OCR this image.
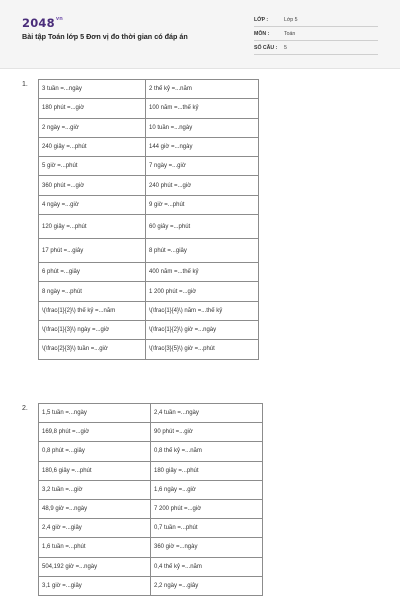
$2048^{vn}$
Bài tập Toán lớp 5 Đơn vị đo thời gian có đáp án
LỚP :	Lớp 5
MÔN :	Toán
SỐ CÂU : 5
1.
3 tuần =...ngày	2 thế kỷ =...năm
180 phút =...giờ	100 năm =...thế kỷ
2 ngày =...giờ	10 tuần =...ngày
240 giây =...phút	144 giờ =...ngày
5 giờ =...phút	7 ngày =...giờ
360 phút =...giờ	240 phút =...giờ
4 ngày =...giờ	9 giờ =...phút
120 giây =...phút	60 giây =...phút
17 phút =...giây	8 phút =...giây
6 phút =...giây	400 năm =...thế kỷ
8 ngày =...phút	1 200 phút =...giờ
\(\frac{1}{2}\) thế kỷ =...năm	\(\frac{1}{4}\) năm =...thế kỷ
\(\frac{1}{3}\) ngày =...giờ	\(\frac{1}{2}\) giờ =...ngày
\(\frac{2}{3}\) tuần =...giờ	\(\frac{3}{5}\) giờ =...phút
2.
1,5 tuần =...ngày	2,4 tuần =...ngày
169,8 phút =...giờ	90 phút =...giờ
0,8 phút =...giây	0,8 thế kỷ =...năm
180,6 giây =...phút	180 giây =...phút
3,2 tuần =...giờ	1,6 ngày =...giờ
48,9 giờ =...ngày	7 200 phút =...giờ
2,4 giờ =...giây	0,7 tuần =...phút
1,6 tuần =...phút	360 giờ =...ngày
504,192 giờ =...ngày	0,4 thế kỷ =...năm
3,1 giờ =...giây	2,2 ngày =...giây
